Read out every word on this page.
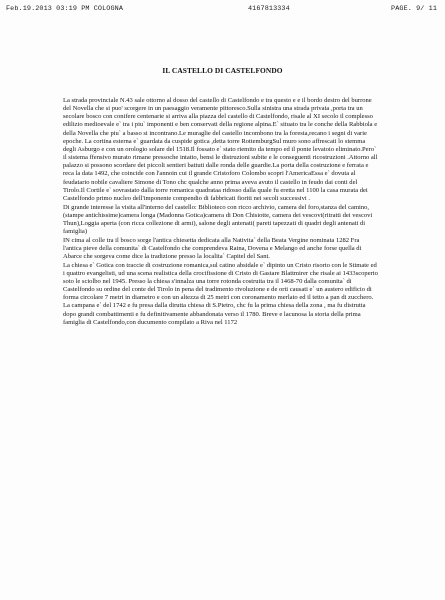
Feb.19.2013 03:19 PM COLOGNA	4167813334	PAGE. 9/ 11
IL CASTELLO DI CASTELFONDO

La strada provinciale N.43 sale ottorno al dosso del castello di Castelfondo e tra questo e e il bordo destro del burrone del Novella che si puo' scorgere in un paesaggio veramente pittoresco.Sulla sinistra una strada privata ,porta tra un secolare bosco con conifere centenarie si arriva alla piazza del castello di Castelfondo, risale al XI secolo il complesso edilizio medioevale e` tra i piu` imponenti e ben conservati della regione alpina.E` situato tra le conche della Rabbiola e della Novella che piu` a basso si incontrano.Le muraglie del castello incombono tra la foresta,recano i segni di varie epoche. La cortina esterna e` guardata da cuspide gotica ,detta torre RottemburgSul muro sono affrescati lo stemma degli Asburgo e con un orologio solare del 1518.Il fossato e` stato riemito da tempo ed il ponte levatoio eliminato.Pero` il sistema ffensivo murato rimane pressoche intatto, bensi le distruzioni subite e le conseguenti ricostruzioni .Attorno all palazzo si possono scordare dei piccoli sentieri battuti dalle ronda delle guardie.La porta della costruzione e ferrata e reca la data 1492, che coincide con l'annoin cui il grande Cristoforo Colombo scopri l'AmericaEssa e` dovuta al feudatario nobile cavaliere Simone di Tono chc qualche anno prima aveva avuto il castello in feudo dai conti del Tirolo.Il Cortile e` sovrastato dalla torre romanica quadrataa ridosso dalla quale fu eretta nel 1100 la casa murata dei Castelfondo primo nucleo dell'imponente compendio di fabbricati fioriti nei secoli successivi .

Di grande interesse la visita all'interno del castello: Biblioteco con ricco archivio, camera del foro,stanza del camino,(stampe antichissime)camera longa (Madonna Gotica)camera di Don Chisiotte, camera dei vescovi(ritratti dei vescovi Thun),Loggia aperta (con ricca collezione di armi), salone degli antenati( pareti tapezzati di quadri degli antenati di famiglia)

IN cima al colle tra il bosco sorge l'antica chiesetta dedicata alla Nativita` della Beata Vergine nominata 1282 Fra l'antica pieve della comunita` di Castelfondo che comprendeva Raina, Dovena e Melango ed anche forse quella di Abarce che sorgeva come dice la tradizione presso la localita` Capitel del Sant.

La chiesa e` Gotica con traccie di costruzione romanica,sul catino absidale e` dipinto un Cristo risorto con le Stimate ed i quattro evangelisti, ud una scena realistica della crocifissione di Cristo di Gastare Blattmirer che risale ai 1433scoperto soto le sciolbo nel 1945. Presso la chiesa s'innalza una torre rotonda costruita tra il 1468-70 dalla comunita` di Castelfondo su ordine del conte del Tirolo in pena del tradimento rivoluzione e de orti causati e` un austero edificio di forma circolare 7 metri in diametro e con un altezza di 25 metri con coronamento merlato ed il tetto a pan di zucchero. La campana e` del 1742 e fu presa dalla dirutta chiesa di S.Pietro, chc fu la prima chiesa della zona , ma fu distrutta dopo grandi combattimenti e fu definitivamente abbandonata verso il 1780. Breve e lacunosa la storia della prima famiglia di Castelfondo,con ducumento compilato a Riva nel 1172
